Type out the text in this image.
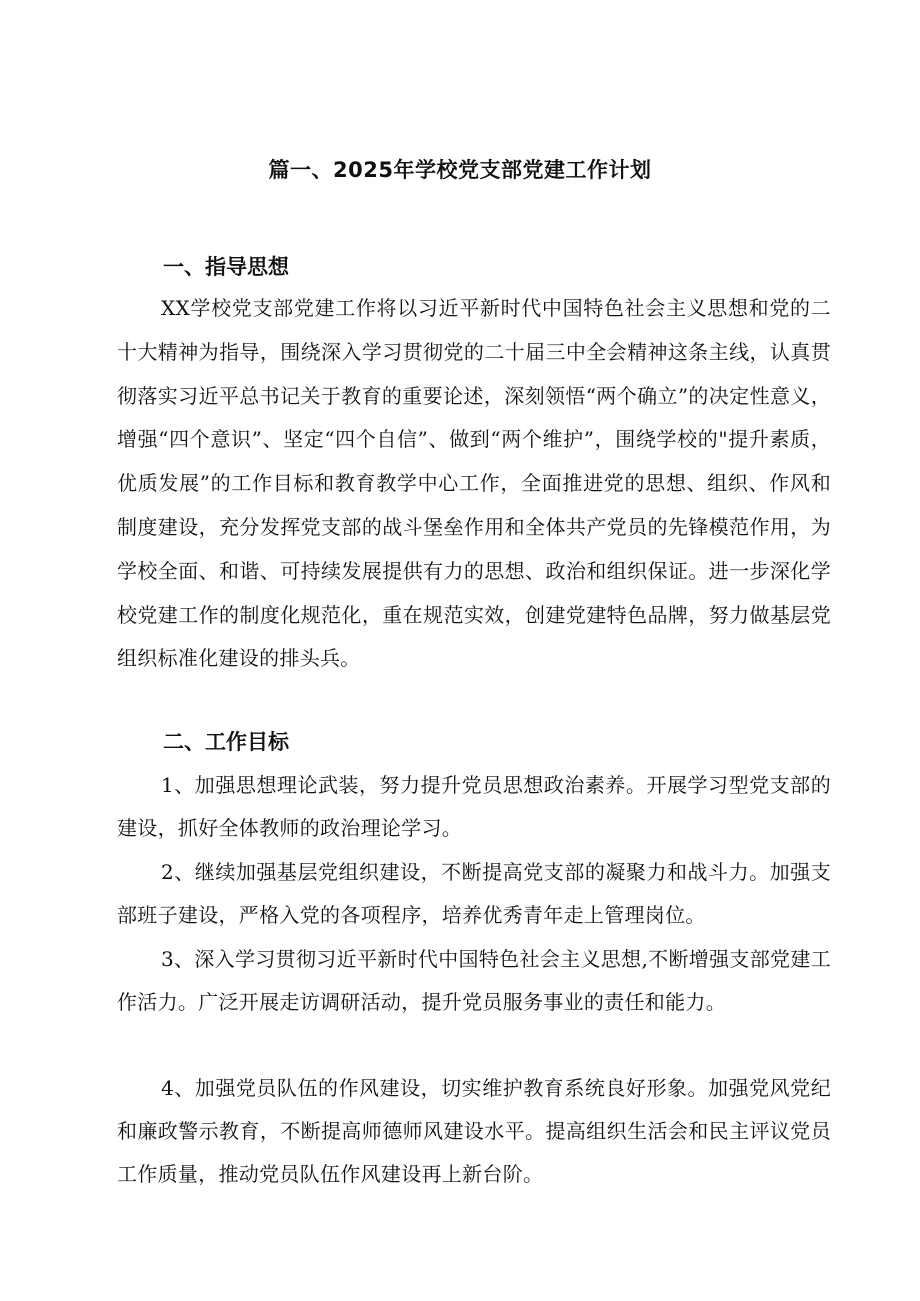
篇一、2025年学校党支部党建工作计划
一、指导思想

XX学校党支部党建工作将以习近平新时代中国特色社会主义思想和党的二十大精神为指导，围绕深入学习贯彻党的二十届三中全会精神这条主线，认真贯彻落实习近平总书记关于教育的重要论述，深刻领悟“两个确立”的决定性意义，增强“四个意识”、坚定“四个自信”、做到“两个维护”，围绕学校的"提升素质，优质发展”的工作目标和教育教学中心工作，全面推进党的思想、组织、作风和制度建设，充分发挥党支部的战斗堡垒作用和全体共产党员的先锋模范作用，为学校全面、和谐、可持续发展提供有力的思想、政治和组织保证。进一步深化学校党建工作的制度化规范化，重在规范实效，创建党建特色品牌，努力做基层党组织标准化建设的排头兵。

二、工作目标

1、加强思想理论武装，努力提升党员思想政治素养。开展学习型党支部的建设，抓好全体教师的政治理论学习。

2、继续加强基层党组织建设，不断提高党支部的凝聚力和战斗力。加强支部班子建设，严格入党的各项程序，培养优秀青年走上管理岗位。

3、深入学习贯彻习近平新时代中国特色社会主义思想,不断增强支部党建工作活力。广泛开展走访调研活动，提升党员服务事业的责任和能力。

4、加强党员队伍的作风建设，切实维护教育系统良好形象。加强党风党纪和廉政警示教育，不断提高师德师风建设水平。提高组织生活会和民主评议党员工作质量，推动党员队伍作风建设再上新台阶。
